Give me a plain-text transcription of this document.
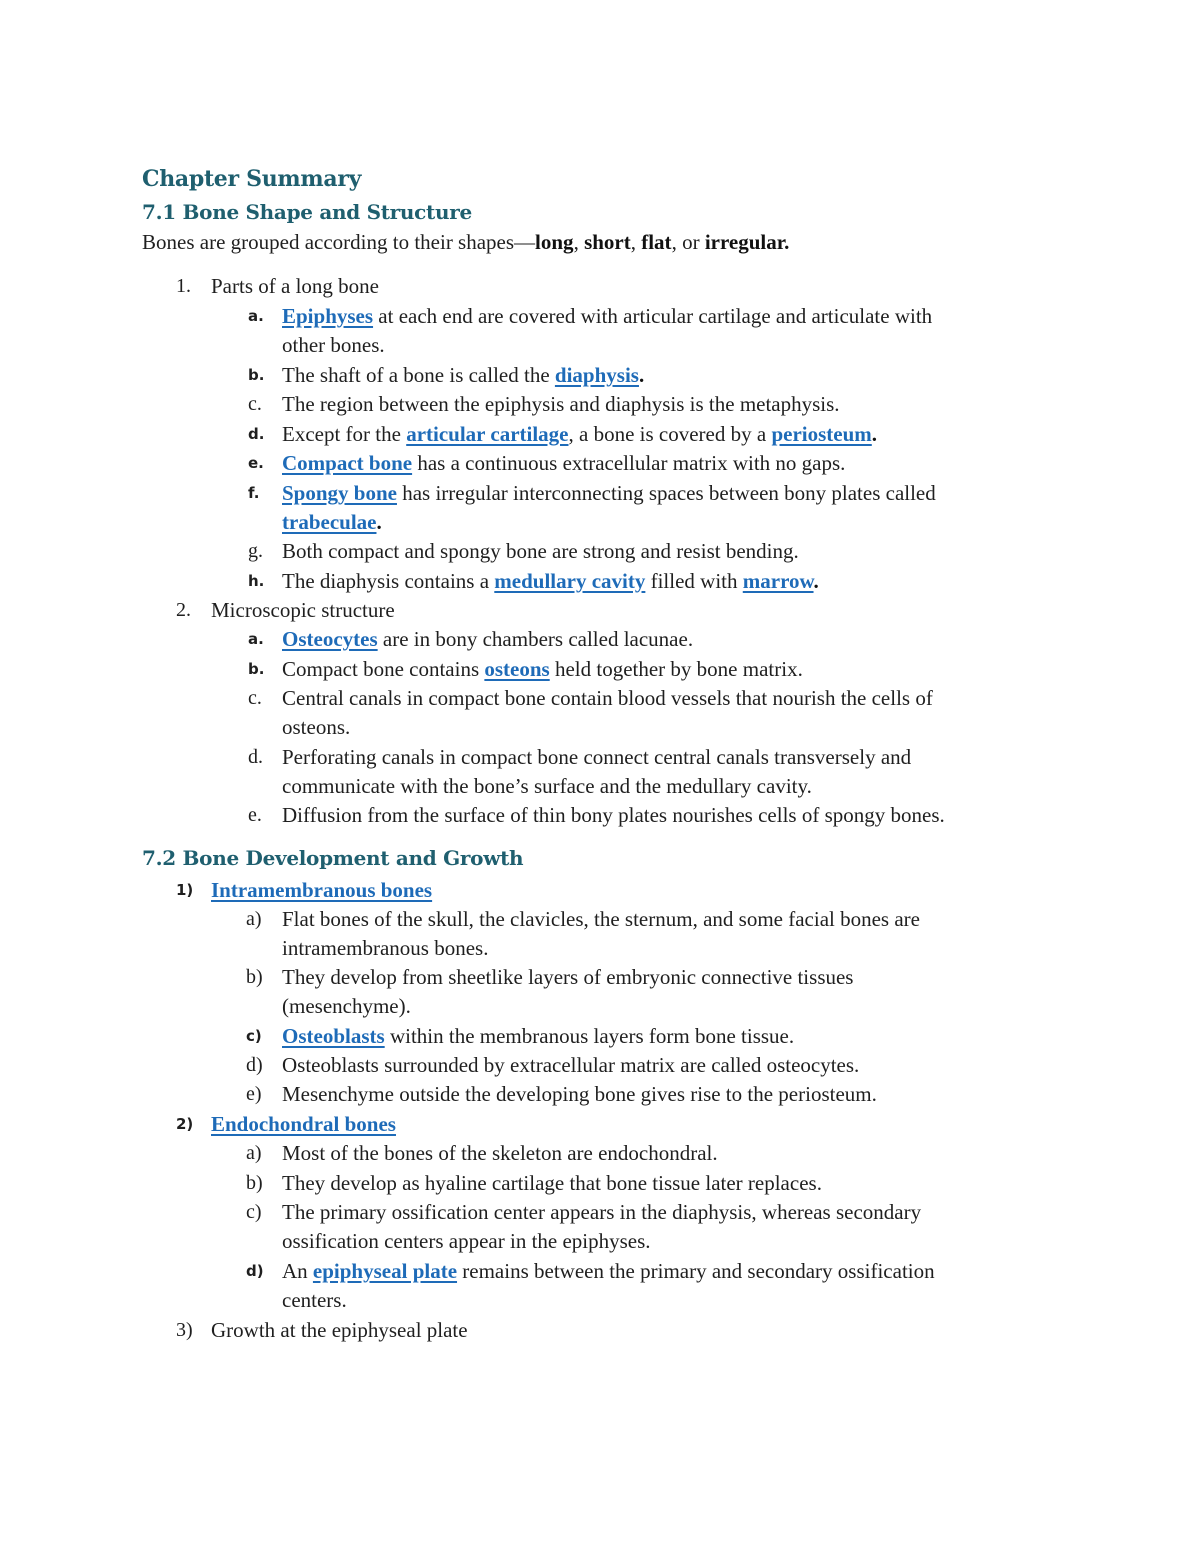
Chapter Summary
7.1 Bone Shape and Structure
Bones are grouped according to their shapes—long, short, flat, or irregular.
1. Parts of a long bone
a. Epiphyses at each end are covered with articular cartilage and articulate with
other bones.
b. The shaft of a bone is called the diaphysis.
c. The region between the epiphysis and diaphysis is the metaphysis.
d. Except for the articular cartilage, a bone is covered by a periosteum.
e. Compact bone has a continuous extracellular matrix with no gaps.
f. Spongy bone has irregular interconnecting spaces between bony plates called
trabeculae.
g. Both compact and spongy bone are strong and resist bending.
h. The diaphysis contains a medullary cavity filled with marrow.
2. Microscopic structure
a. Osteocytes are in bony chambers called lacunae.
b. Compact bone contains osteons held together by bone matrix.
c. Central canals in compact bone contain blood vessels that nourish the cells of
osteons.
d. Perforating canals in compact bone connect central canals transversely and
communicate with the bone’s surface and the medullary cavity.
e. Diffusion from the surface of thin bony plates nourishes cells of spongy bones.
7.2 Bone Development and Growth
1) Intramembranous bones
a) Flat bones of the skull, the clavicles, the sternum, and some facial bones are
intramembranous bones.
b) They develop from sheetlike layers of embryonic connective tissues
(mesenchyme).
c) Osteoblasts within the membranous layers form bone tissue.
d) Osteoblasts surrounded by extracellular matrix are called osteocytes.
e) Mesenchyme outside the developing bone gives rise to the periosteum.
2) Endochondral bones
a) Most of the bones of the skeleton are endochondral.
b) They develop as hyaline cartilage that bone tissue later replaces.
c) The primary ossification center appears in the diaphysis, whereas secondary
ossification centers appear in the epiphyses.
d) An epiphyseal plate remains between the primary and secondary ossification
centers.
3) Growth at the epiphyseal plate
